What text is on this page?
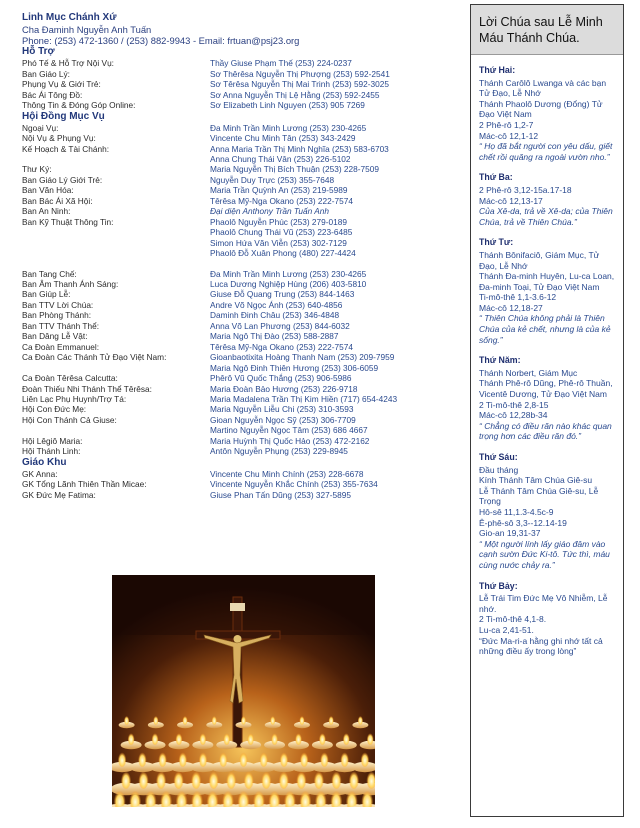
Linh Mục Chánh Xứ
Cha Đaminh Nguyễn Anh Tuấn
Phone: (253) 472-1360 / (253) 882-9943 - Email: frtuan@psj23.org
Hỗ Trợ
Phó Tế & Hỗ Trợ Nội Vụ:	Thầy Giuse Phạm Thế (253) 224-0237
Ban Giáo Lý:	Sơ Thêrêsa Nguyễn Thị Phượng (253) 592-2541
Phụng Vụ & Giới Trẻ:	Sơ Têrêsa Nguyễn Thị Mai Trinh (253) 592-3025
Bác Ái Tông Đồ:	Sơ Anna Nguyễn Thị Lệ Hằng (253) 592-2455
Thông Tin & Đóng Góp Online:	Sơ Elizabeth Linh Nguyen (253) 905 7269
Hội Đồng Mục Vụ
Ngoại Vụ:	Đa Minh Trần Minh Lương (253) 230-4265
Nội Vụ & Phụng Vụ:	Vincente Chu Minh Tân (253) 343-2429
Kế Hoạch & Tài Chánh:	Anna Maria Trần Thị Minh Nghĩa (253) 583-6703
Anna Chung Thái Vân (253) 226-5102
Thư Ký:	Maria Nguyễn Thị Bích Thuận (253) 228-7509
Ban Giáo Lý Giới Trẻ:	Nguyễn Duy Trực (253) 355-7648
Ban Văn Hóa:	Maria Trần Quỳnh An (253) 219-5989
Ban Bác Ái Xã Hội:	Têrêsa Mỹ-Nga Okano (253) 222-7574
Ban An Ninh:	Đại diện Anthony Trần Tuấn Anh
Ban Kỹ Thuật Thông Tin:	Phaolô Nguyễn Phúc (253) 279-0189
Phaolô Chung Thái Vũ (253) 223-6485
Simon Hứa Văn Viễn (253) 302-7129
Phaolô Đỗ Xuân Phong (480) 227-4424
Ban Tang Chế:	Đa Minh Trần Minh Lương (253) 230-4265
Ban Âm Thanh Ánh Sáng:	Luca Dương Nghiệp Hùng (206) 403-5810
Ban Giúp Lễ:	Giuse Đỗ Quang Trung (253) 844-1463
Ban TTV Lời Chúa:	Andre Võ Ngọc Ánh (253) 640-4856
Ban Phòng Thánh:	Daminh Đinh Châu (253) 346-4848
Ban TTV Thánh Thể:	Anna Võ Lan Phương (253) 844-6032
Ban Dâng Lễ Vật:	Maria Ngô Thị Đào (253) 588-2887
Ca Đoàn Emmanuel:	Têrêsa Mỹ-Nga Okano (253) 222-7574
Ca Đoàn Các Thánh Tử Đạo Việt Nam:	Gioanbaotixita Hoàng Thanh Nam (253) 209-7959
Maria Ngô Đinh Thiên Hương (253) 306-6059
Ca Đoàn Têrêsa Calcutta:	Phêrô Vũ Quốc Thắng (253) 906-5986
Đoàn Thiếu Nhi Thánh Thể Têrêsa:	Maria Đoàn Bảo Hương (253) 226-9718
Liên Lạc Phụ Huynh/Trợ Tá:	Maria Madalena Trần Thị Kim Hiền (717) 654-4243
Hội Con Đức Mẹ:	Maria Nguyễn Liễu Chi (253) 310-3593
Hội Con Thánh Cả Giuse:	Gioan Nguyễn Ngọc Sỹ (253) 306-7709
Martino Nguyễn Ngọc Tâm (253) 686 4667
Hội Lêgiô Maria:	Maria Huỳnh Thị Quốc Hảo (253) 472-2162
Hội Thánh Linh:	Antôn Nguyễn Phụng (253) 229-8945
Giáo Khu
GK Anna:	Vincente Chu Minh Chính (253) 228-6678
GK Tổng Lãnh Thiên Thần Micae:	Vincente Nguyễn Khắc Chính (253) 355-7634
GK Đức Mẹ Fatima:	Giuse Phan Tấn Dũng (253) 327-5895
Lời Chúa sau Lễ Minh Máu Thánh Chúa.
Thứ Hai:
Thánh Carôlô Lwanga và các bạn Tử Đạo, Lễ Nhớ
Thánh Phaolô Dương (Đổng) Tử Đạo Việt Nam
2 Phê-rô 1,2-7
Mác-cô 12,1-12
“ Họ đã bắt người con yêu dấu, giết chết rồi quăng ra ngoài vườn nho.”
Thứ Ba:
2 Phê-rô 3,12-15a.17-18
Mác-cô 12,13-17
Của Xê-da, trả về Xê-da; của Thiên Chúa, trả về Thiên Chúa.”
Thứ Tư:
Thánh Bônifaciô, Giám Mục, Tử Đạo, Lễ Nhớ
Thánh Đa-minh Huyên, Lu-ca Loan, Đa-minh Toại, Tử Đạo Việt Nam
Ti-mô-thê 1,1-3.6-12
Mác-cô 12,18-27
“ Thiên Chúa không phải là Thiên Chúa của kẻ chết, nhưng là của kẻ sống.”
Thứ Năm:
Thánh Norbert, Giám Mục
Thánh Phê-rô Dũng, Phê-rô Thuần, Vicentê Dương, Tử Đạo Việt Nam
2 Ti-mô-thê 2,8-15
Mác-cô 12,28b-34
“ Chẳng có điều răn nào khác quan trọng hơn các điều răn đó.”
Thứ Sáu:
Đầu tháng
Kính Thánh Tâm Chúa Giê-su
Lễ Thánh Tâm Chúa Giê-su, Lễ Trọng
Hô-sê 11,1.3-4.5c-9
Ê-phê-sô 3,3--12.14-19
Gio-an 19,31-37
“ Một người lính lấy giáo đâm vào cạnh sườn Đức Ki-tô. Tức thì, máu cùng nước chảy ra.”
Thứ Bảy:
Lễ Trái Tim Đức Mẹ Vô Nhiễm, Lễ nhớ.
2 Ti-mô-thê 4,1-8.
Lu-ca 2,41-51.
“Đức Ma-ri-a hằng ghi nhớ tất cả những điều ấy trong lòng”
